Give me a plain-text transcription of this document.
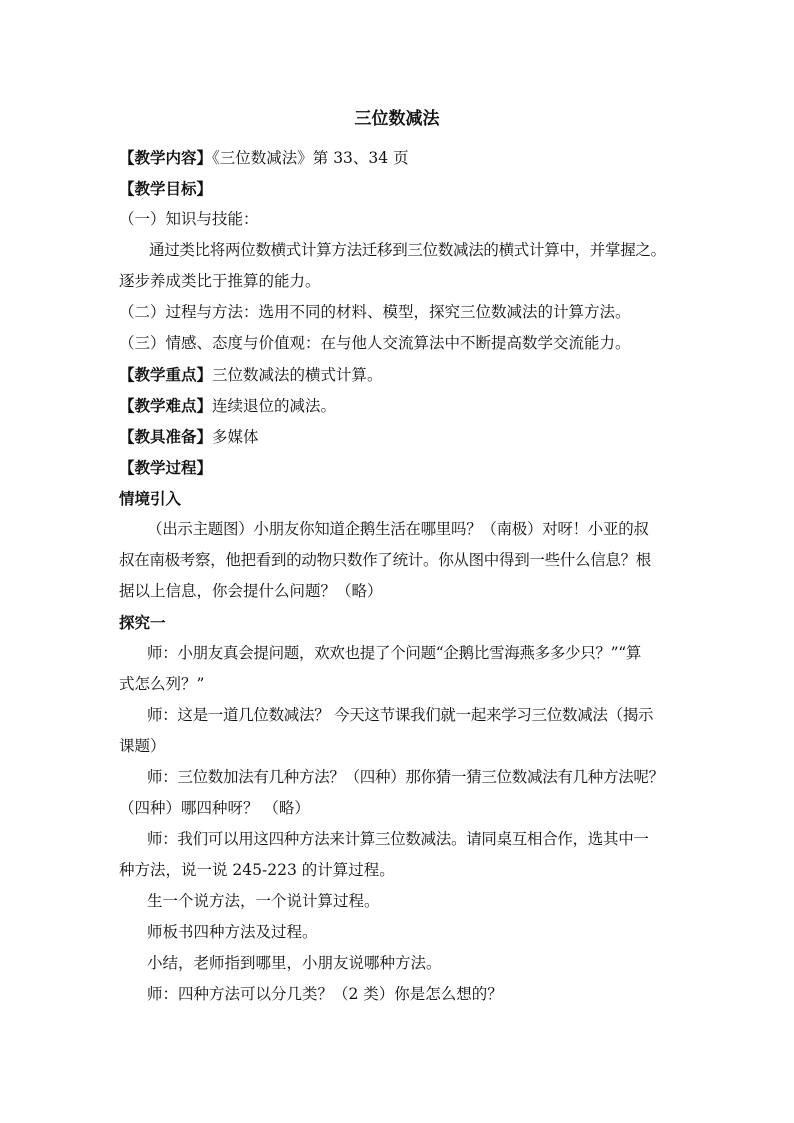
三位数减法
【教学内容】《三位数减法》第 33、34 页
【教学目标】
（一）知识与技能：
通过类比将两位数横式计算方法迁移到三位数减法的横式计算中，并掌握之。
逐步养成类比于推算的能力。
（二）过程与方法：选用不同的材料、模型，探究三位数减法的计算方法。
（三）情感、态度与价值观：在与他人交流算法中不断提高数学交流能力。
【教学重点】三位数减法的横式计算。
【教学难点】连续退位的减法。
【教具准备】多媒体
【教学过程】
情境引入
（出示主题图）小朋友你知道企鹅生活在哪里吗？（南极）对呀！小亚的叔
叔在南极考察，他把看到的动物只数作了统计。你从图中得到一些什么信息？根
据以上信息，你会提什么问题？（略）
探究一
师：小朋友真会提问题，欢欢也提了个问题“企鹅比雪海燕多多少只？”“算
式怎么列？”
师：这是一道几位数减法？ 今天这节课我们就一起来学习三位数减法（揭示
课题）
师：三位数加法有几种方法？（四种）那你猜一猜三位数减法有几种方法呢？
（四种）哪四种呀？ （略）
师：我们可以用这四种方法来计算三位数减法。请同桌互相合作，选其中一
种方法，说一说 245-223 的计算过程。
生一个说方法，一个说计算过程。
师板书四种方法及过程。
小结，老师指到哪里，小朋友说哪种方法。
师：四种方法可以分几类？（2 类）你是怎么想的？
